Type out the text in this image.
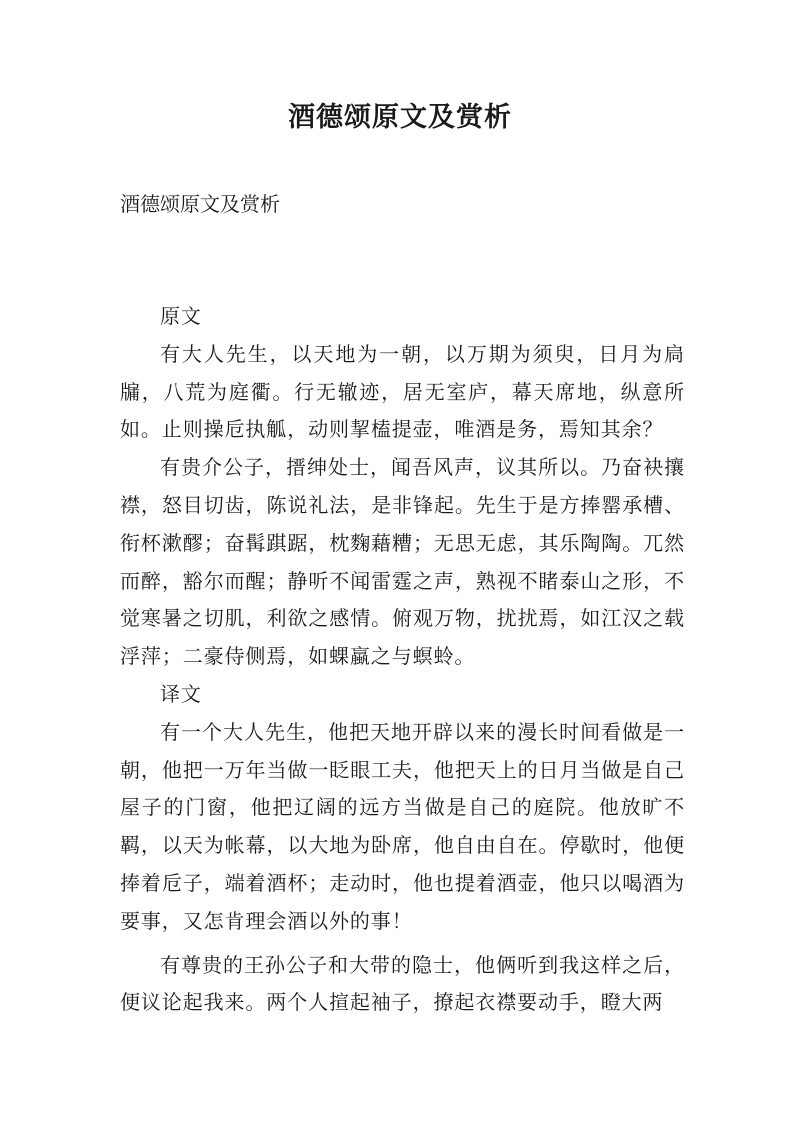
酒德颂原文及赏析

酒德颂原文及赏析

原文

有大人先生，以天地为一朝，以万期为须臾，日月为扃牖，八荒为庭衢。行无辙迹，居无室庐，幕天席地，纵意所如。止则操卮执觚，动则挈榼提壶，唯酒是务，焉知其余？

有贵介公子，搢绅处士，闻吾风声，议其所以。乃奋袂攘襟，怒目切齿，陈说礼法，是非锋起。先生于是方捧罂承槽、衔杯漱醪；奋髯踑踞，枕麴藉糟；无思无虑，其乐陶陶。兀然而醉，豁尔而醒；静听不闻雷霆之声，熟视不睹泰山之形，不觉寒暑之切肌，利欲之感情。俯观万物，扰扰焉，如江汉之载浮萍；二豪侍侧焉，如蜾蠃之与螟蛉。

译文

有一个大人先生，他把天地开辟以来的漫长时间看做是一朝，他把一万年当做一眨眼工夫，他把天上的日月当做是自己屋子的门窗，他把辽阔的远方当做是自己的庭院。他放旷不羁，以天为帐幕，以大地为卧席，他自由自在。停歇时，他便捧着卮子，端着酒杯；走动时，他也提着酒壶，他只以喝酒为要事，又怎肯理会酒以外的事！

有尊贵的王孙公子和大带的隐士，他俩听到我这样之后，便议论起我来。两个人揎起袖子，撩起衣襟要动手，瞪大两
